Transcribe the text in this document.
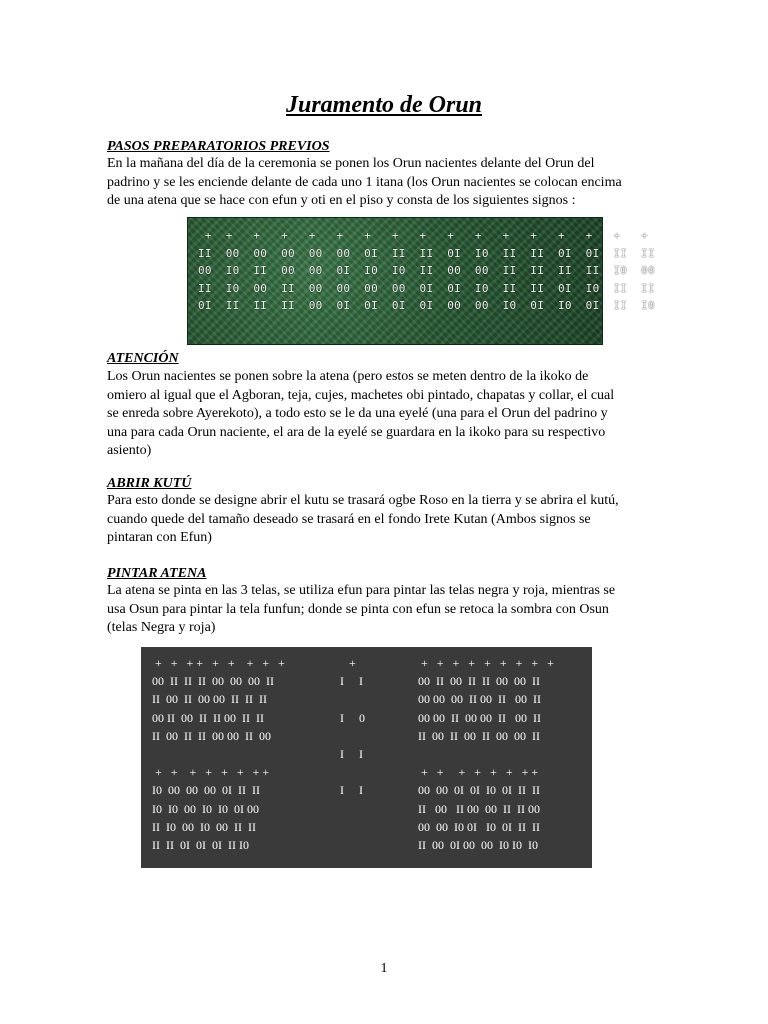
Juramento de Orun

PASOS PREPARATORIOS PREVIOS

En la mañana del día de la ceremonia se ponen los Orun nacientes delante del Orun del
padrino y se les enciende delante de cada uno 1 itana (los Orun nacientes se colocan encima
de una atena que se hace con efun y oti en el piso y consta de los siguientes signos :
+  +   +   +   +   +   +   +   +   +   +   +   +   +   +   +   +
II  00  00  00  00  00  0I  II  II  0I  I0  II  II  0I  0I  II  II
00  I0  II  00  00  0I  I0  I0  II  00  00  II  II  II  II  I0  00
II  I0  00  II  00  00  00  00  0I  0I  I0  II  II  0I  I0  II  II
0I  II  II  II  00  0I  0I  0I  0I  00  00  I0  0I  I0  0I  II  I0

ATENCIÓN

Los Orun nacientes se ponen sobre la atena (pero estos se meten dentro de la ikoko de
omiero al igual que el Agboran, teja, cujes, machetes obi pintado, chapatas y collar, el cual
se enreda sobre Ayerekoto), a todo esto se le da una eyelé (una para el Orun del padrino y
una para cada Orun naciente, el ara de la eyelé se guardara en la ikoko para su respectivo
asiento)

ABRIR KUTÚ

Para esto donde se designe abrir el kutu se trasará ogbe Roso en la tierra y se abrira el kutú,
cuando quede del tamaño deseado se trasará en el fondo Irete Kutan (Ambos signos se
pintaran con Efun)

PINTAR ATENA

La atena se pinta en las 3 telas, se utiliza efun para pintar las telas negra y roja, mientras se
usa Osun para pintar la tela funfun; donde se pinta con efun se retoca la sombra con Osun
(telas Negra y roja)
+   +   + +   +   +    +   +   +
00  II  II  II  00  00  00  II
II  00  II  00 00  II  II  II
00 II  00  II  II 00  II  II
II  00  II  II  00 00  II  00
+   +    +   +   +   +   + +
I0  00  00  00  0I  II  II
I0  I0  00  I0  I0  0I 00
II  I0  00  I0  00  II  II
II  II  0I  0I  0I  II I0
+
I     I
I     0
I     I
I     I
+   +   +   +   +   +   +   +   +
00  II  00  II  II  00  00  II
00 00  00  II 00  II   00  II
00 00  II  00 00  II   00  II
II  00  II  00  II  00  00  II
+   +     +   +   +   +   + +
00  00  0I  0I  I0  0I  II  II
II   00   II 00  00  II  II 00
00  00  I0 0I   I0  0I  II  II
II  00  0I 00  00  I0 I0  I0
1
